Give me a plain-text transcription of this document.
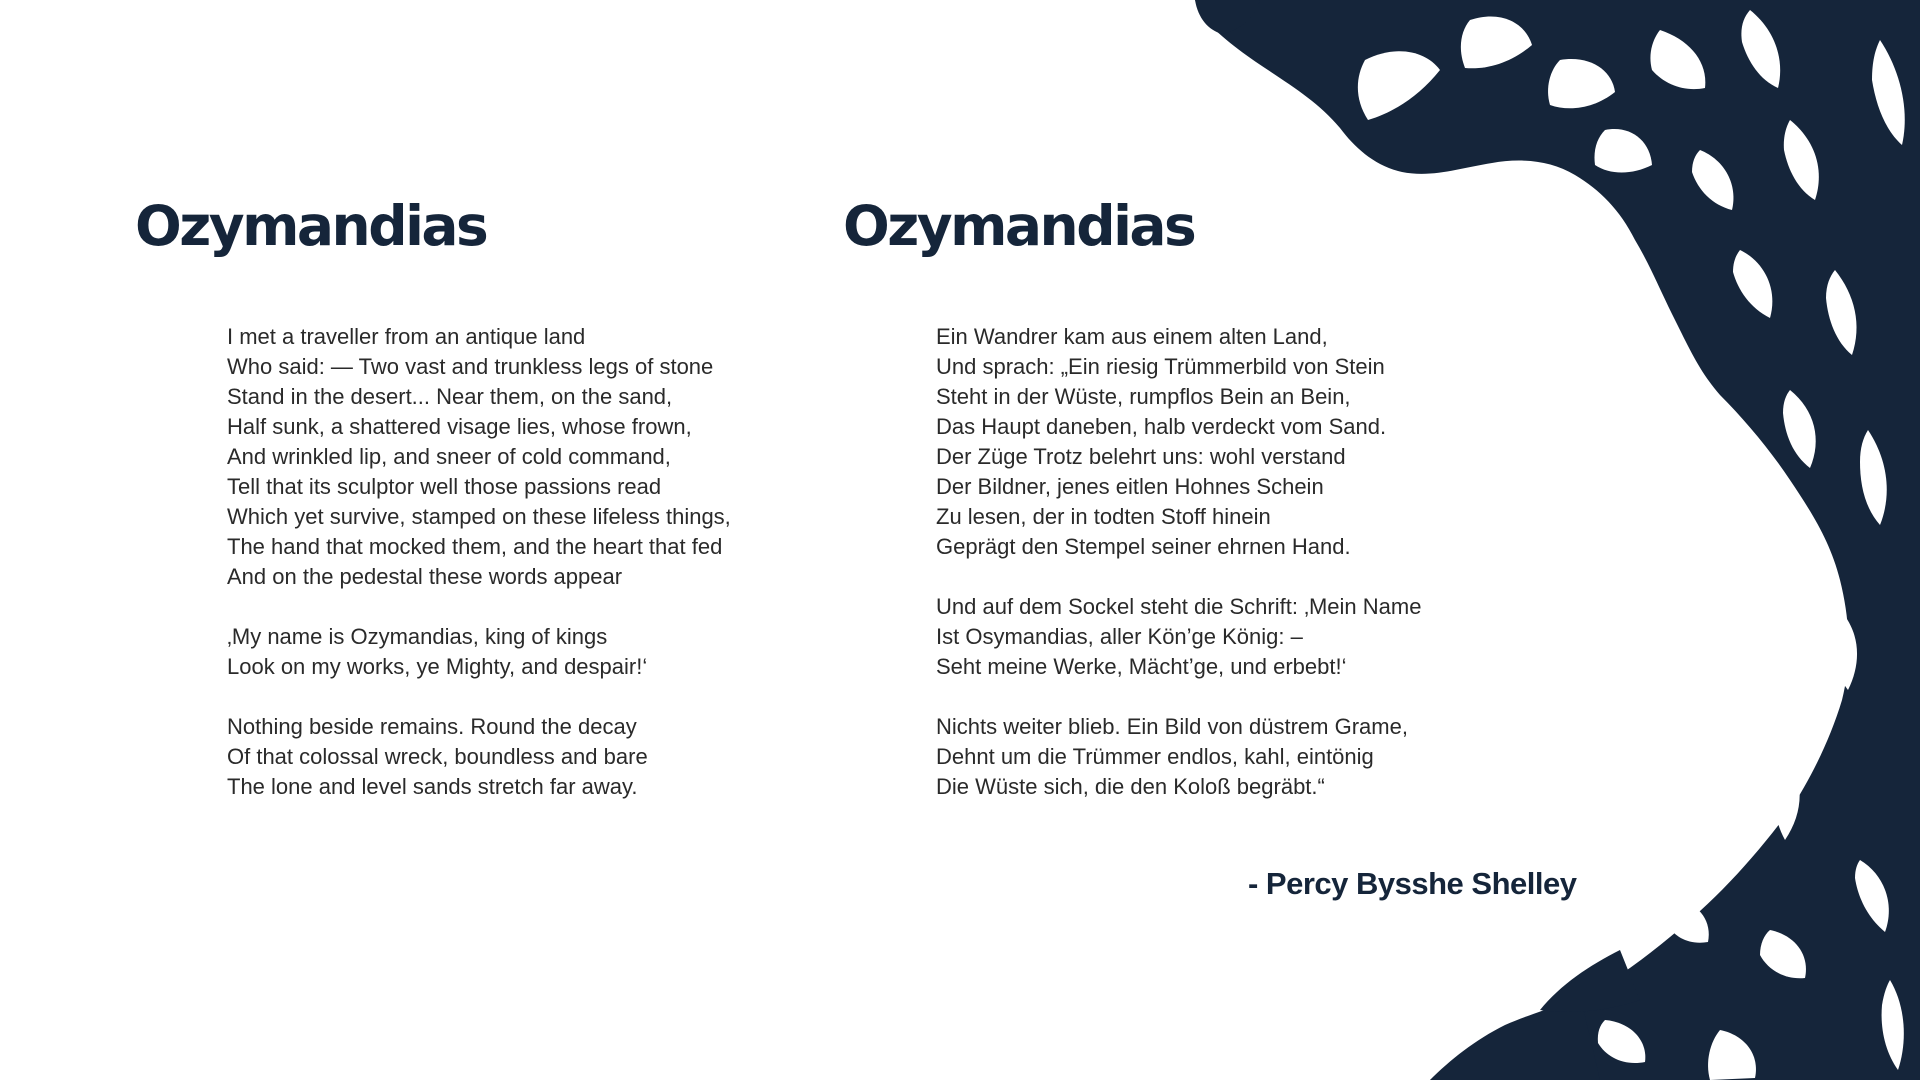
Ozymandias	Ozymandias
I met a traveller from an antique land
Who said: — Two vast and trunkless legs of stone
Stand in the desert... Near them, on the sand,
Half sunk, a shattered visage lies, whose frown,
And wrinkled lip, and sneer of cold command,
Tell that its sculptor well those passions read
Which yet survive, stamped on these lifeless things,
The hand that mocked them, and the heart that fed
And on the pedestal these words appear
‚My name is Ozymandias, king of kings
Look on my works, ye Mighty, and despair!‘
Nothing beside remains. Round the decay
Of that colossal wreck, boundless and bare
The lone and level sands stretch far away.
Ein Wandrer kam aus einem alten Land,
Und sprach: „Ein riesig Trümmerbild von Stein
Steht in der Wüste, rumpflos Bein an Bein,
Das Haupt daneben, halb verdeckt vom Sand.
Der Züge Trotz belehrt uns: wohl verstand
Der Bildner, jenes eitlen Hohnes Schein
Zu lesen, der in todten Stoff hinein
Geprägt den Stempel seiner ehrnen Hand.
Und auf dem Sockel steht die Schrift: ‚Mein Name
Ist Osymandias, aller Kön’ge König: –
Seht meine Werke, Mächt’ge, und erbebt!‘
Nichts weiter blieb. Ein Bild von düstrem Grame,
Dehnt um die Trümmer endlos, kahl, eintönig
Die Wüste sich, die den Koloß begräbt.“
- Percy Bysshe Shelley
